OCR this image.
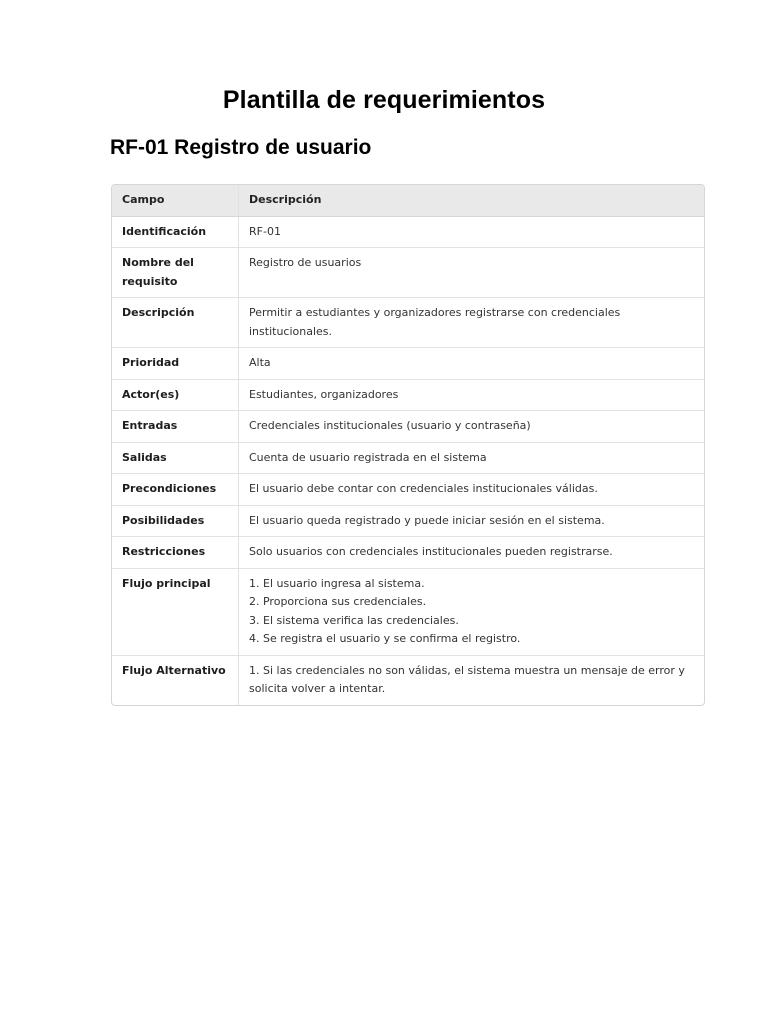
Plantilla de requerimientos
RF-01 Registro de usuario
Campo	Descripción
Identificación	RF-01
Nombre del requisito	Registro de usuarios
Descripción	Permitir a estudiantes y organizadores registrarse con credenciales institucionales.
Prioridad	Alta
Actor(es)	Estudiantes, organizadores
Entradas	Credenciales institucionales (usuario y contraseña)
Salidas	Cuenta de usuario registrada en el sistema
Precondiciones	El usuario debe contar con credenciales institucionales válidas.
Posibilidades	El usuario queda registrado y puede iniciar sesión en el sistema.
Restricciones	Solo usuarios con credenciales institucionales pueden registrarse.
Flujo principal	1. El usuario ingresa al sistema.
2. Proporciona sus credenciales.
3. El sistema verifica las credenciales.
4. Se registra el usuario y se confirma el registro.

Flujo Alternativo	1. Si las credenciales no son válidas, el sistema muestra un mensaje de error y solicita volver a intentar.
